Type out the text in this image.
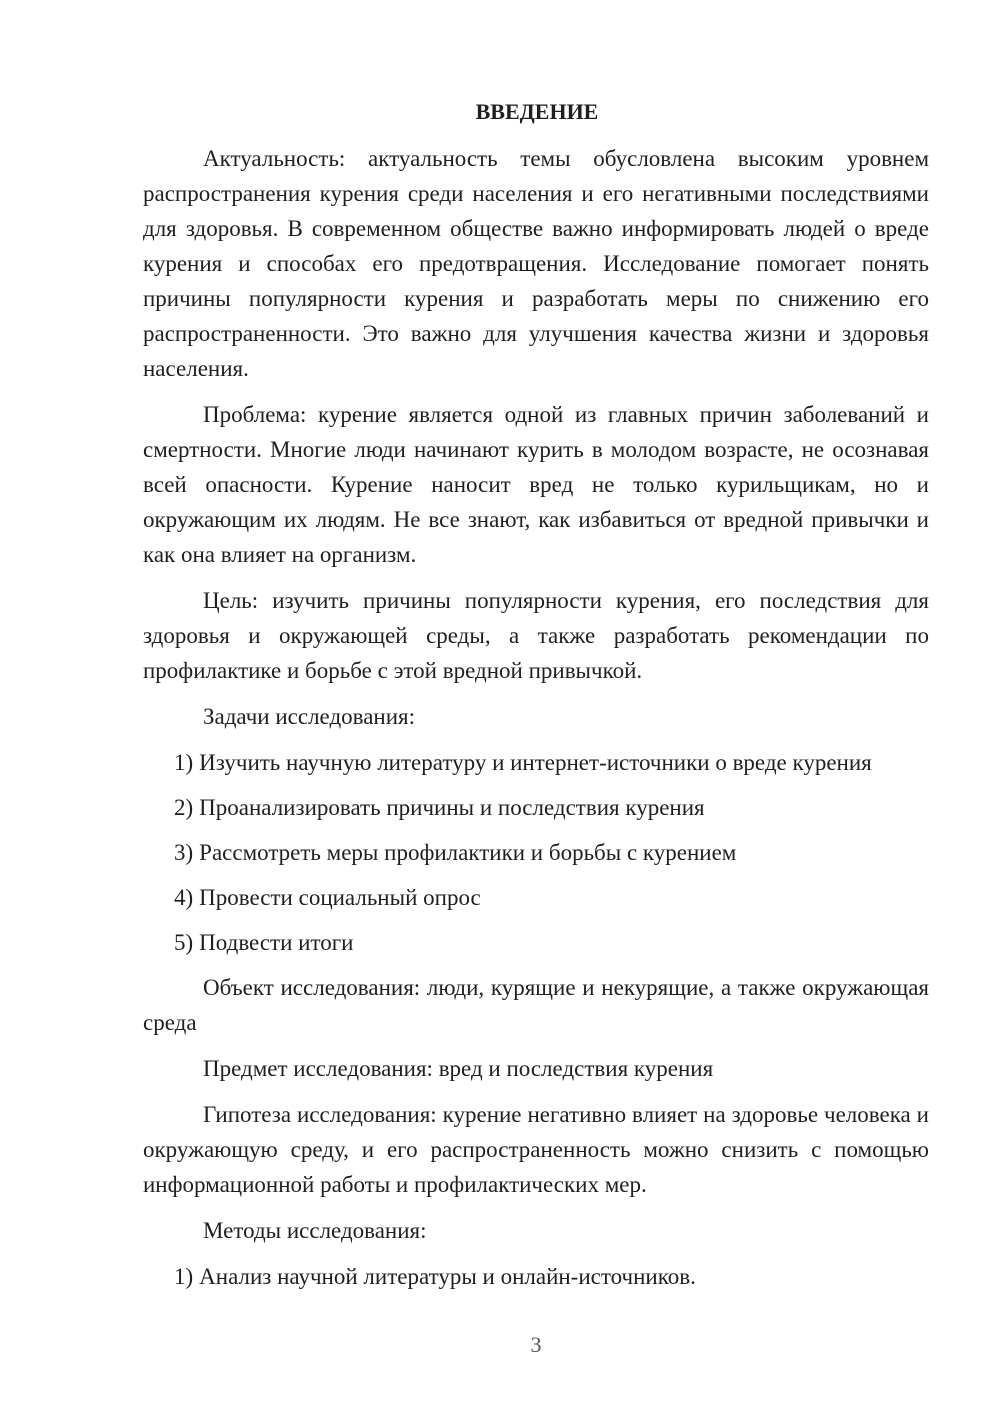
ВВЕДЕНИЕ

Актуальность: актуальность темы обусловлена высоким уровнем распространения курения среди населения и его негативными последствиями для здоровья. В современном обществе важно информировать людей о вреде курения и способах его предотвращения. Исследование помогает понять причины популярности курения и разработать меры по снижению его распространенности. Это важно для улучшения качества жизни и здоровья населения.

Проблема: курение является одной из главных причин заболеваний и смертности. Многие люди начинают курить в молодом возрасте, не осознавая всей опасности. Курение наносит вред не только курильщикам, но и окружающим их людям. Не все знают, как избавиться от вредной привычки и как она влияет на организм.

Цель: изучить причины популярности курения, его последствия для здоровья и окружающей среды, а также разработать рекомендации по профилактике и борьбе с этой вредной привычкой.

Задачи исследования:

1) Изучить научную литературу и интернет-источники о вреде курения
2) Проанализировать причины и последствия курения
3) Рассмотреть меры профилактики и борьбы с курением
4) Провести социальный опрос
5) Подвести итоги

Объект исследования: люди, курящие и некурящие, а также окружающая среда

Предмет исследования: вред и последствия курения

Гипотеза исследования: курение негативно влияет на здоровье человека и окружающую среду, и его распространенность можно снизить с помощью информационной работы и профилактических мер.

Методы исследования:

1) Анализ научной литературы и онлайн-источников.
3
